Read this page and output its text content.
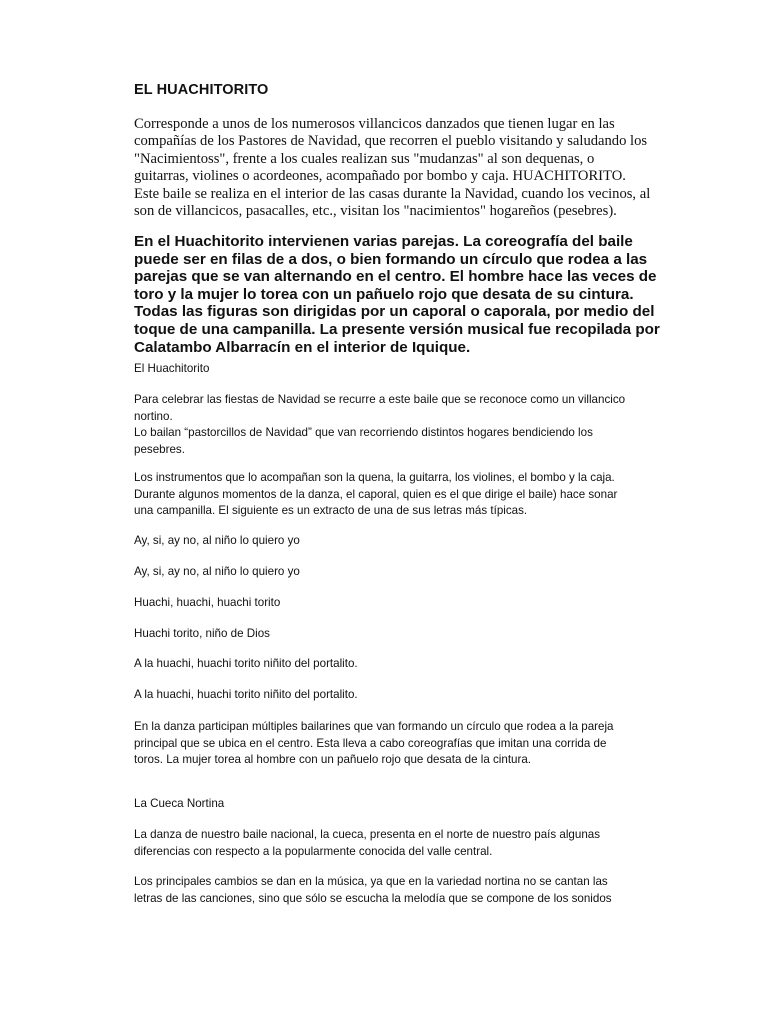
EL HUACHITORITO
Corresponde a unos de los numerosos villancicos danzados que tienen lugar en las
compañías de los Pastores de Navidad, que recorren el pueblo visitando y saludando los
"Nacimientoss", frente a los cuales realizan sus "mudanzas" al son dequenas, o
guitarras, violines o acordeones, acompañado por bombo y caja. HUACHITORITO.
Este baile se realiza en el interior de las casas durante la Navidad, cuando los vecinos, al
son de villancicos, pasacalles, etc., visitan los "nacimientos" hogareños (pesebres).
En el Huachitorito intervienen varias parejas. La coreografía del baile
puede ser en filas de a dos, o bien formando un círculo que rodea a las
parejas que se van alternando en el centro. El hombre hace las veces de
toro y la mujer lo torea con un pañuelo rojo que desata de su cintura.
Todas las figuras son dirigidas por un caporal o caporala, por medio del
toque de una campanilla. La presente versión musical fue recopilada por
Calatambo Albarracín en el interior de Iquique.
El Huachitorito
Para celebrar las fiestas de Navidad se recurre a este baile que se reconoce como un villancico
nortino.
Lo bailan “pastorcillos de Navidad” que van recorriendo distintos hogares bendiciendo los
pesebres.
Los instrumentos que lo acompañan son la quena, la guitarra, los violines, el bombo y la caja.
Durante algunos momentos de la danza, el caporal, quien es el que dirige el baile) hace sonar
una campanilla. El siguiente es un extracto de una de sus letras más típicas.
Ay, si, ay no, al niño lo quiero yo
Ay, si, ay no, al niño lo quiero yo
Huachi, huachi, huachi torito
Huachi torito, niño de Dios
A la huachi, huachi torito niñito del portalito.
A la huachi, huachi torito niñito del portalito.
En la danza participan múltiples bailarines que van formando un círculo que rodea a la pareja
principal que se ubica en el centro. Esta lleva a cabo coreografías que imitan una corrida de
toros. La mujer torea al hombre con un pañuelo rojo que desata de la cintura.
La Cueca Nortina
La danza de nuestro baile nacional, la cueca, presenta en el norte de nuestro país algunas
diferencias con respecto a la popularmente conocida del valle central.
Los principales cambios se dan en la música, ya que en la variedad nortina no se cantan las
letras de las canciones, sino que sólo se escucha la melodía que se compone de los sonidos
